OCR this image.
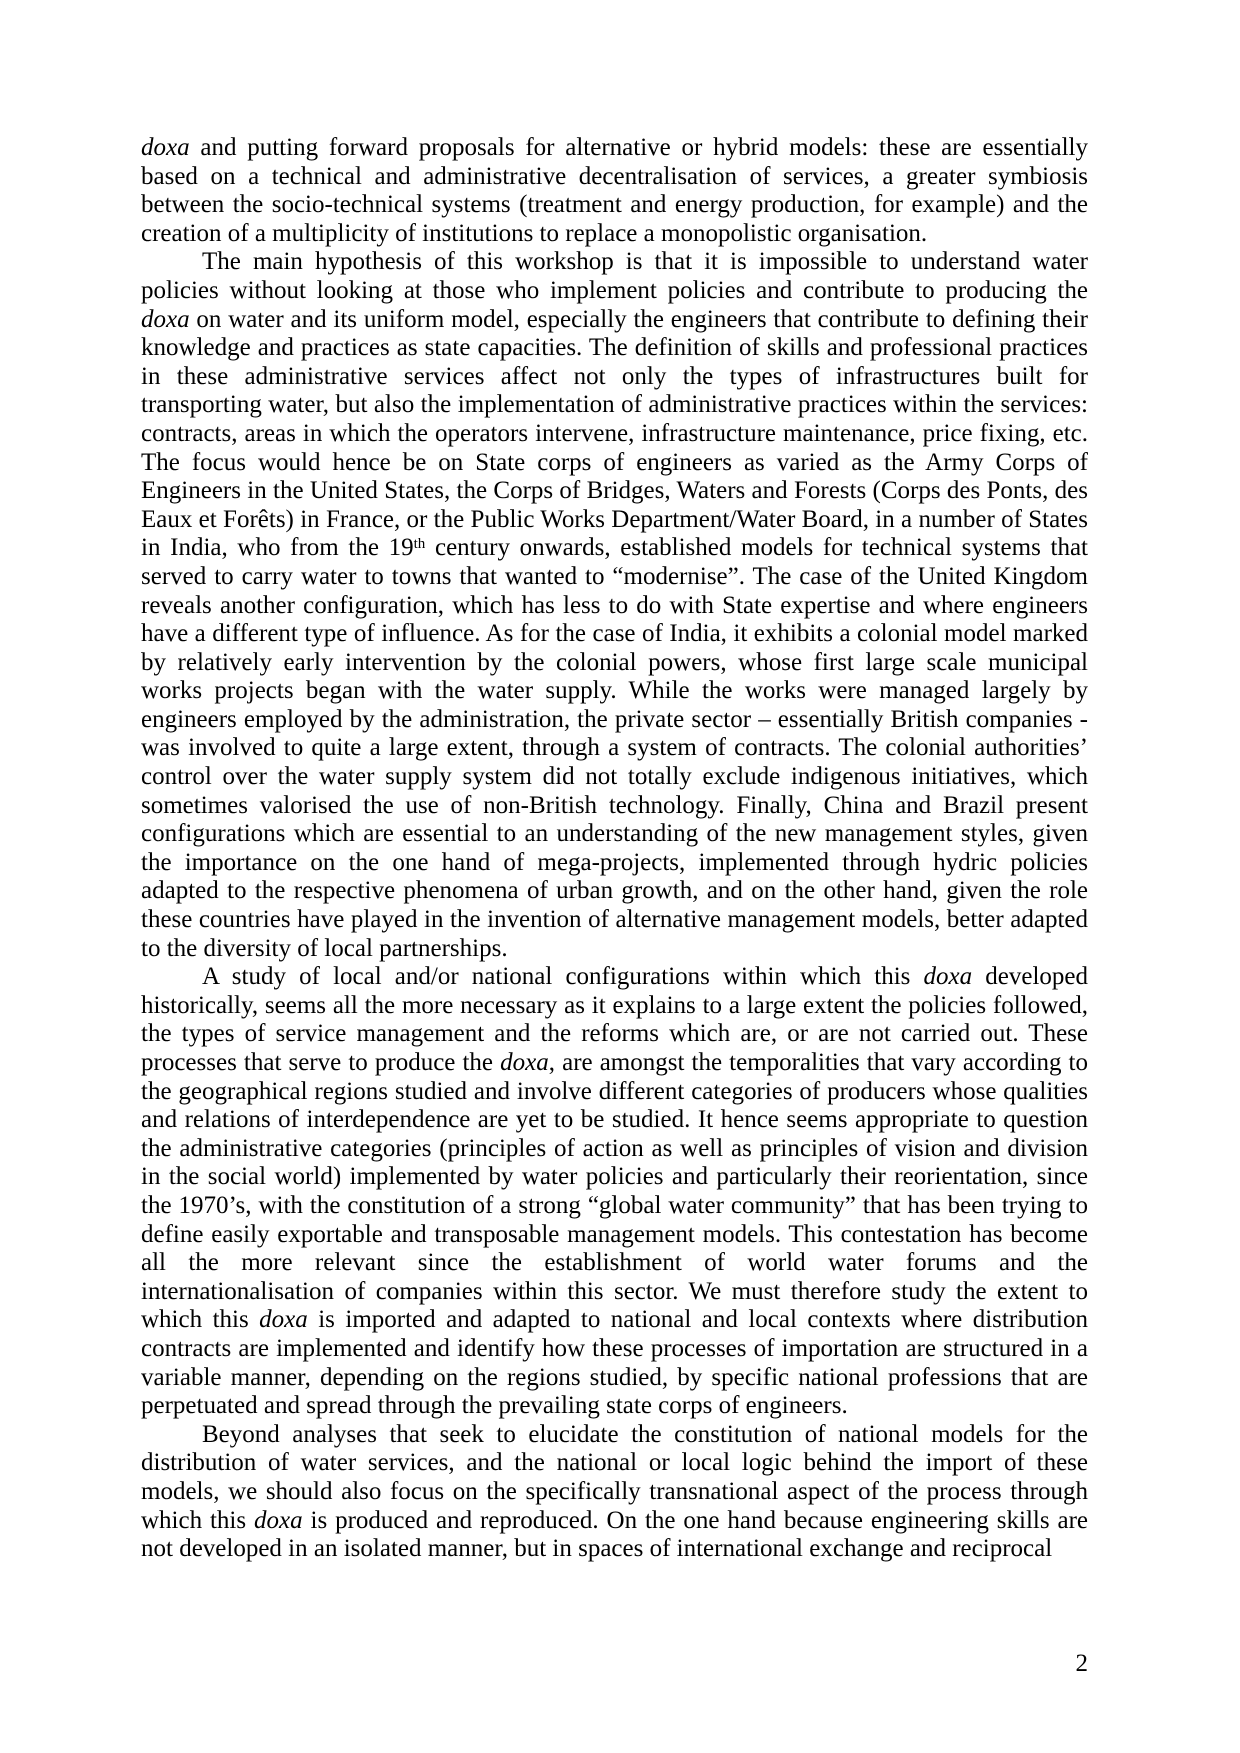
doxa and putting forward proposals for alternative or hybrid models: these are essentially based on a technical and administrative decentralisation of services, a greater symbiosis between the socio-technical systems (treatment and energy production, for example) and the creation of a multiplicity of institutions to replace a monopolistic organisation.

The main hypothesis of this workshop is that it is impossible to understand water policies without looking at those who implement policies and contribute to producing the doxa on water and its uniform model, especially the engineers that contribute to defining their knowledge and practices as state capacities. The definition of skills and professional practices in these administrative services affect not only the types of infrastructures built for transporting water, but also the implementation of administrative practices within the services: contracts, areas in which the operators intervene, infrastructure maintenance, price fixing, etc. The focus would hence be on State corps of engineers as varied as the Army Corps of Engineers in the United States, the Corps of Bridges, Waters and Forests (Corps des Ponts, des Eaux et Forêts) in France, or the Public Works Department/Water Board, in a number of States in India, who from the 19th century onwards, established models for technical systems that served to carry water to towns that wanted to “modernise”. The case of the United Kingdom reveals another configuration, which has less to do with State expertise and where engineers have a different type of influence. As for the case of India, it exhibits a colonial model marked by relatively early intervention by the colonial powers, whose first large scale municipal works projects began with the water supply. While the works were managed largely by engineers employed by the administration, the private sector – essentially British companies - was involved to quite a large extent, through a system of contracts. The colonial authorities’ control over the water supply system did not totally exclude indigenous initiatives, which sometimes valorised the use of non-British technology. Finally, China and Brazil present configurations which are essential to an understanding of the new management styles, given the importance on the one hand of mega-projects, implemented through hydric policies adapted to the respective phenomena of urban growth, and on the other hand, given the role these countries have played in the invention of alternative management models, better adapted to the diversity of local partnerships.

A study of local and/or national configurations within which this doxa developed historically, seems all the more necessary as it explains to a large extent the policies followed, the types of service management and the reforms which are, or are not carried out. These processes that serve to produce the doxa, are amongst the temporalities that vary according to the geographical regions studied and involve different categories of producers whose qualities and relations of interdependence are yet to be studied. It hence seems appropriate to question the administrative categories (principles of action as well as principles of vision and division in the social world) implemented by water policies and particularly their reorientation, since the 1970’s, with the constitution of a strong “global water community” that has been trying to define easily exportable and transposable management models. This contestation has become all the more relevant since the establishment of world water forums and the internationalisation of companies within this sector. We must therefore study the extent to which this doxa is imported and adapted to national and local contexts where distribution contracts are implemented and identify how these processes of importation are structured in a variable manner, depending on the regions studied, by specific national professions that are perpetuated and spread through the prevailing state corps of engineers.

Beyond analyses that seek to elucidate the constitution of national models for the distribution of water services, and the national or local logic behind the import of these models, we should also focus on the specifically transnational aspect of the process through which this doxa is produced and reproduced. On the one hand because engineering skills are not developed in an isolated manner, but in spaces of international exchange and reciprocal

2
